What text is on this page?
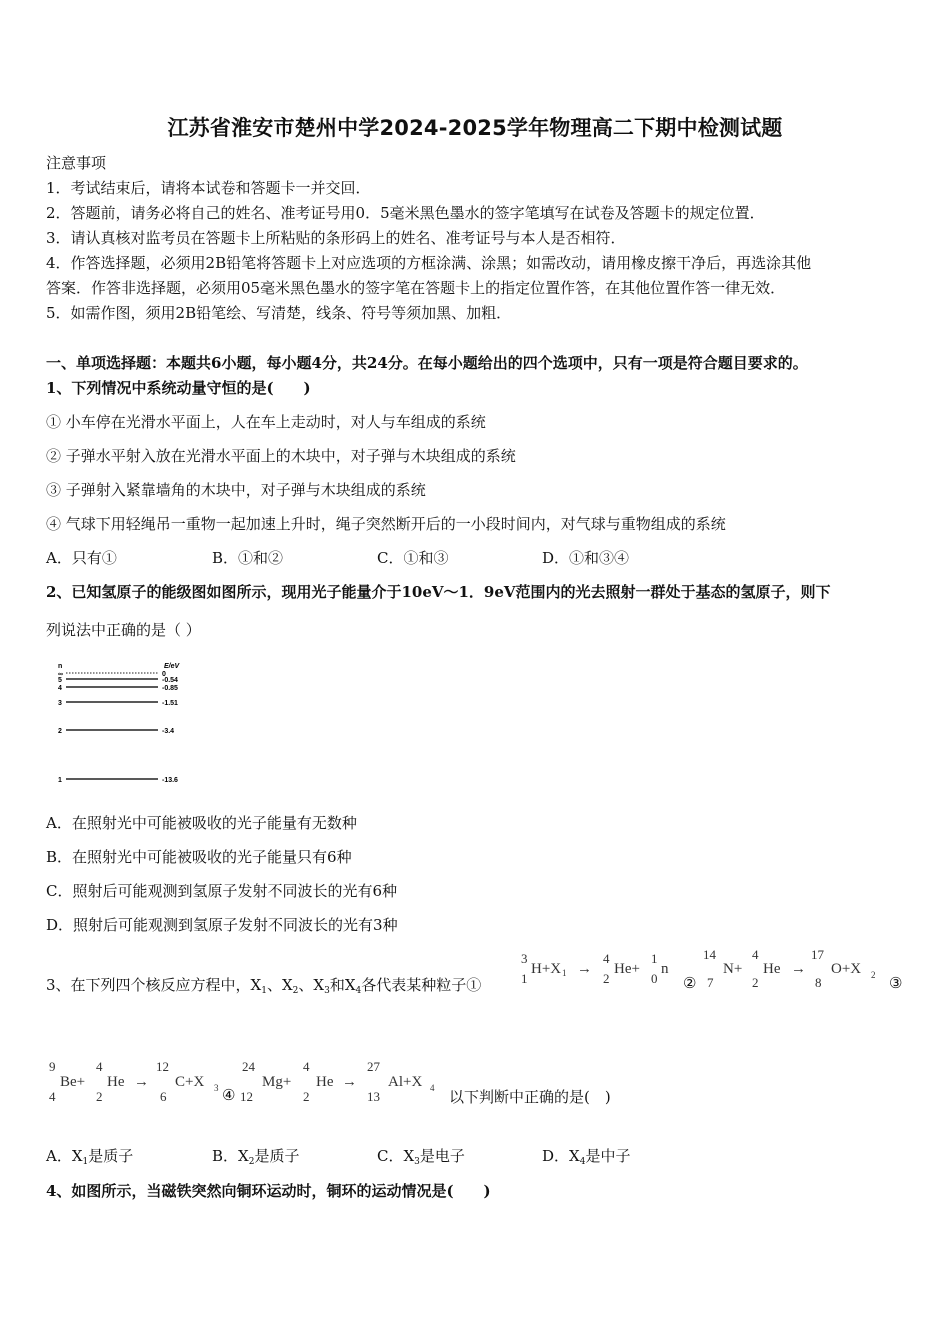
江苏省淮安市楚州中学2024-2025学年物理高二下期中检测试题
注意事项
1．考试结束后，请将本试卷和答题卡一并交回．
2．答题前，请务必将自己的姓名、准考证号用0．5毫米黑色墨水的签字笔填写在试卷及答题卡的规定位置．
3．请认真核对监考员在答题卡上所粘贴的条形码上的姓名、准考证号与本人是否相符．
4．作答选择题，必须用2B铅笔将答题卡上对应选项的方框涂满、涂黑；如需改动，请用橡皮擦干净后，再选涂其他
答案．作答非选择题，必须用05毫米黑色墨水的签字笔在答题卡上的指定位置作答，在其他位置作答一律无效．
5．如需作图，须用2B铅笔绘、写清楚，线条、符号等须加黑、加粗．
一、单项选择题：本题共6小题，每小题4分，共24分。在每小题给出的四个选项中，只有一项是符合题目要求的。
1、下列情况中系统动量守恒的是(　　)
① 小车停在光滑水平面上，人在车上走动时，对人与车组成的系统
② 子弹水平射入放在光滑水平面上的木块中，对子弹与木块组成的系统
③ 子弹射入紧靠墙角的木块中，对子弹与木块组成的系统
④ 气球下用轻绳吊一重物一起加速上升时，绳子突然断开后的一小段时间内，对气球与重物组成的系统
A．只有①	B．①和②	C．①和③	D．①和③④
2、已知氢原子的能级图如图所示，现用光子能量介于10eV～1．9eV范围内的光去照射一群处于基态的氢原子，则下
列说法中正确的是（ ）
n	E/eV
∞	0
5	-0.54
4	-0.85
3	-1.51
2	-3.4
1	-13.6
A．在照射光中可能被吸收的光子能量有无数种
B．在照射光中可能被吸收的光子能量只有6种
C．照射后可能观测到氢原子发射不同波长的光有6种
D．照射后可能观测到氢原子发射不同波长的光有3种
3、在下列四个核反应方程中，$X_1$、$X_2$、$X_3$和$X_4$各代表某种粒子①
3
1
H+X 1 →
4
2
He+
1
0
n
②
14
7
N+
4
2
He →
17
8
O+X 2 ③
9
4
Be+
4
2
He →
12
6
C+X 3 ④
24
12
Mg+
4
2
He →
27
13
Al+X 4 以下判断中正确的是(　)
A．$X_1$是质子	B．$X_2$是质子	C．$X_3$是电子	D．$X_4$是中子
4、如图所示，当磁铁突然向铜环运动时，铜环的运动情况是(　　)
